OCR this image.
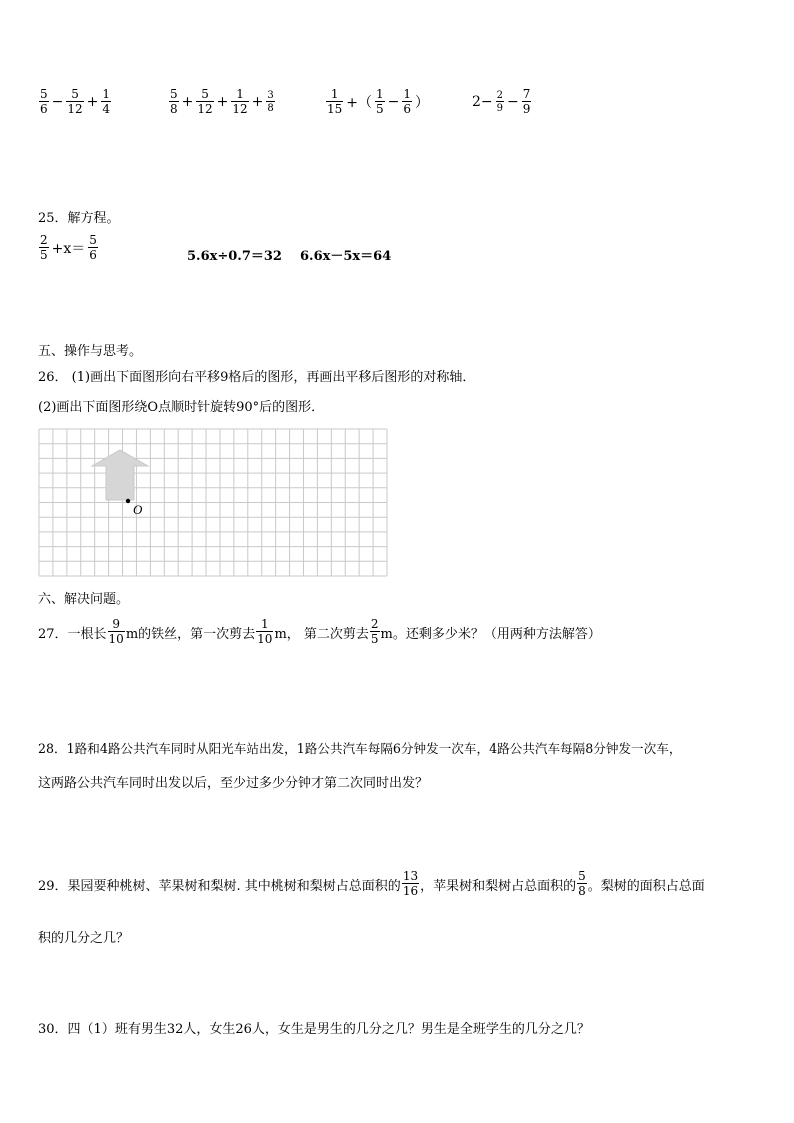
$\frac{5}{6} - \frac{5}{12} + \frac{1}{4}$	$\frac{5}{8} + \frac{5}{12} + \frac{1}{12} + \frac{3}{8}$	$\frac{1}{15}$ +（ $\frac{1}{5} - \frac{1}{6}$ ）	$2- \frac{2}{9} - \frac{7}{9}$
25．解方程。
$\frac{2}{5} +x= \frac{5}{6}$	5.6x÷0.7＝32 6.6x－5x＝64
五、操作与思考。
26． (1)画出下面图形向右平移9格后的图形，再画出平移后图形的对称轴．
(2)画出下面图形绕O点顺时针旋转90°后的图形．
O
六、解决问题。
27．一根长 $\frac{9}{10}$ m的铁丝，第一次剪去 $\frac{1}{10}$ m， 第二次剪去 $\frac{2}{5}$ m。还剩多少米？（用两种方法解答）
28．1路和4路公共汽车同时从阳光车站出发，1路公共汽车每隔6分钟发一次车，4路公共汽车每隔8分钟发一次车，
这两路公共汽车同时出发以后，至少过多少分钟才第二次同时出发？
29．果园要种桃树、苹果树和梨树. 其中桃树和梨树占总面积的 $\frac{13}{16}$ ，苹果树和梨树占总面积的 $\frac{5}{8}$ 。梨树的面积占总面
积的几分之几？
30．四（1）班有男生32人，女生26人，女生是男生的几分之几？男生是全班学生的几分之几？
